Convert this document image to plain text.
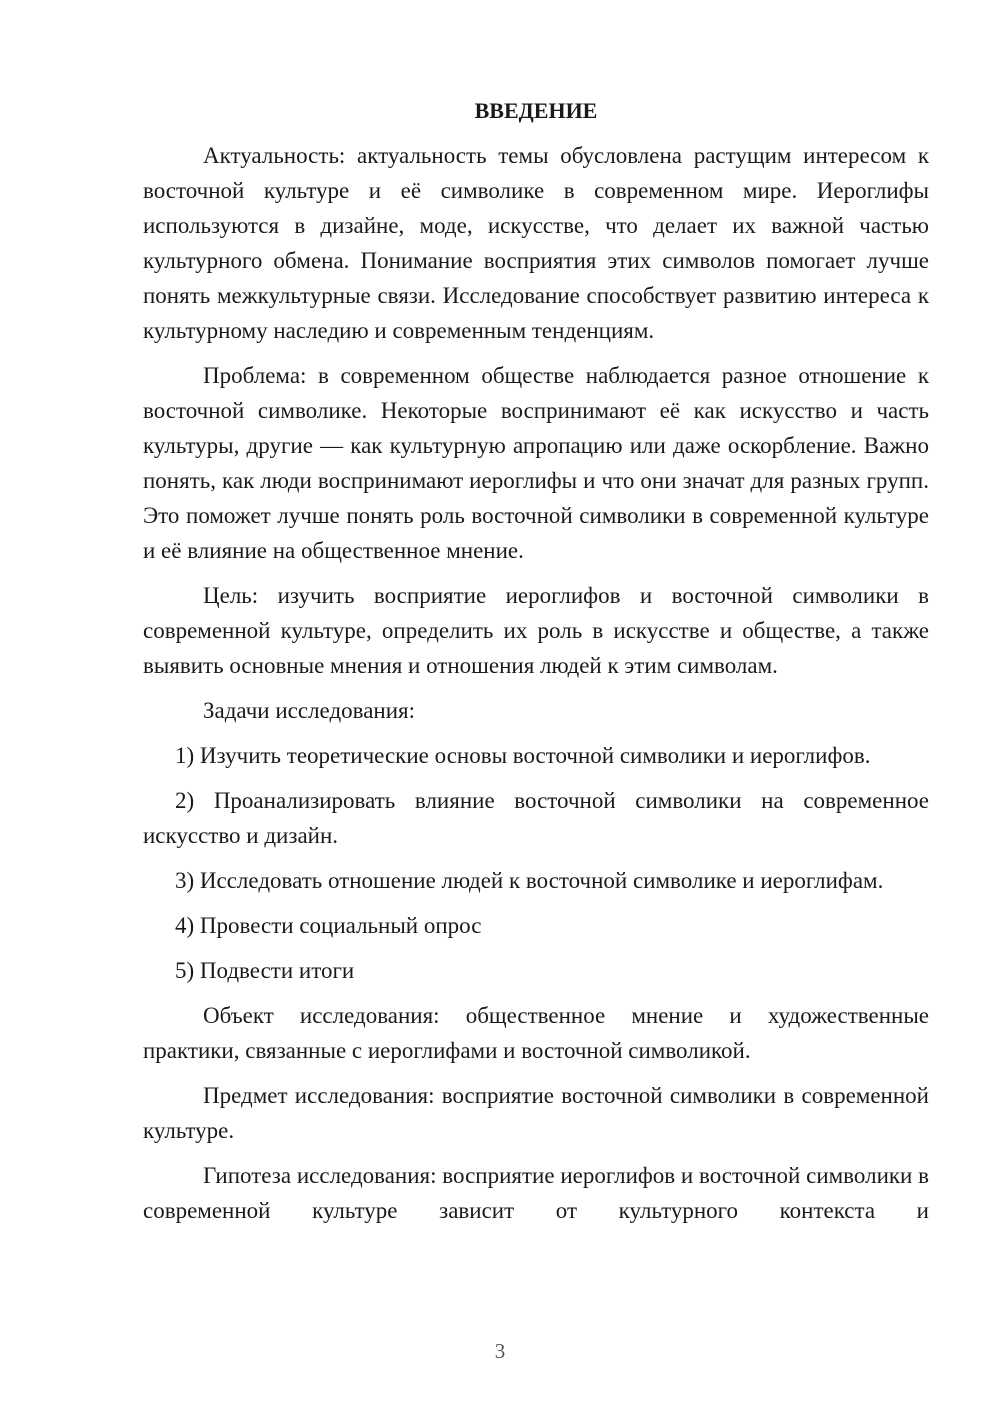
ВВЕДЕНИЕ

Актуальность: актуальность темы обусловлена растущим интересом к восточной культуре и её символике в современном мире. Иероглифы используются в дизайне, моде, искусстве, что делает их важной частью культурного обмена. Понимание восприятия этих символов помогает лучше понять межкультурные связи. Исследование способствует развитию интереса к культурному наследию и современным тенденциям.

Проблема: в современном обществе наблюдается разное отношение к восточной символике. Некоторые воспринимают её как искусство и часть культуры, другие — как культурную апропацию или даже оскорбление. Важно понять, как люди воспринимают иероглифы и что они значат для разных групп. Это поможет лучше понять роль восточной символики в современной культуре и её влияние на общественное мнение.

Цель: изучить восприятие иероглифов и восточной символики в современной культуре, определить их роль в искусстве и обществе, а также выявить основные мнения и отношения людей к этим символам.

Задачи исследования:

1) Изучить теоретические основы восточной символики и иероглифов.

2) Проанализировать влияние восточной символики на современное искусство и дизайн.

3) Исследовать отношение людей к восточной символике и иероглифам.

4) Провести социальный опрос

5) Подвести итоги

Объект исследования: общественное мнение и художественные практики, связанные с иероглифами и восточной символикой.

Предмет исследования: восприятие восточной символики в современной культуре.

Гипотеза исследования: восприятие иероглифов и восточной символики в современной культуре зависит от культурного контекста и

3
